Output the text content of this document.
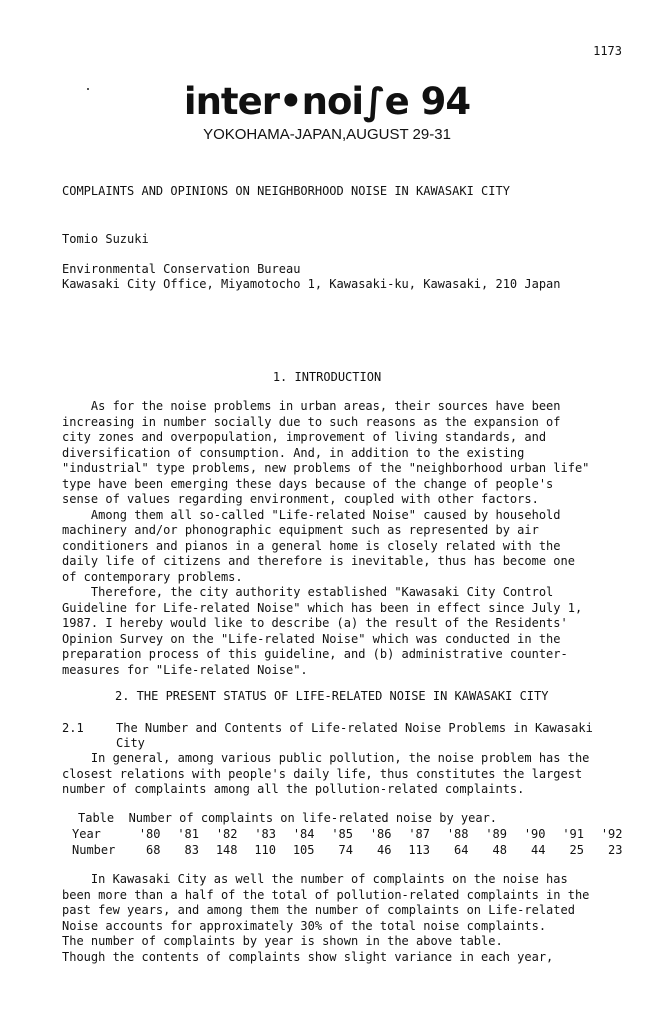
1173
inter•noi∫e 94
YOKOHAMA-JAPAN,AUGUST 29-31
COMPLAINTS AND OPINIONS ON NEIGHBORHOOD NOISE IN KAWASAKI CITY
Tomio Suzuki
Environmental Conservation Bureau
Kawasaki City Office, Miyamotocho 1, Kawasaki-ku, Kawasaki, 210 Japan
1. INTRODUCTION
As for the noise problems in urban areas, their sources have been
increasing in number socially due to such reasons as the expansion of
city zones and overpopulation, improvement of living standards, and
diversification of consumption. And, in addition to the existing
"industrial" type problems, new problems of the "neighborhood urban life"
type have been emerging these days because of the change of people's
sense of values regarding environment, coupled with other factors.
Among them all so-called "Life-related Noise" caused by household
machinery and/or phonographic equipment such as represented by air
conditioners and pianos in a general home is closely related with the
daily life of citizens and therefore is inevitable, thus has become one
of contemporary problems.
Therefore, the city authority established "Kawasaki City Control
Guideline for Life-related Noise" which has been in effect since July 1,
1987. I hereby would like to describe (a) the result of the Residents'
Opinion Survey on the "Life-related Noise" which was conducted in the
preparation process of this guideline, and (b) administrative counter-
measures for "Life-related Noise".
2. THE PRESENT STATUS OF LIFE-RELATED NOISE IN KAWASAKI CITY
2.1	The Number and Contents of Life-related Noise Problems in Kawasaki
City
In general, among various public pollution, the noise problem has the
closest relations with people's daily life, thus constitutes the largest
number of complaints among all the pollution-related complaints.
Table  Number of complaints on life-related noise by year.
Year	'80	'81	'82	'83	'84	'85	'86	'87	'88	'89	'90	'91	'92
Number	68	83	148	110	105	74	46	113	64	48	44	25	23
In Kawasaki City as well the number of complaints on the noise has
been more than a half of the total of pollution-related complaints in the
past few years, and among them the number of complaints on Life-related
Noise accounts for approximately 30% of the total noise complaints.
The number of complaints by year is shown in the above table.
Though the contents of complaints show slight variance in each year,
